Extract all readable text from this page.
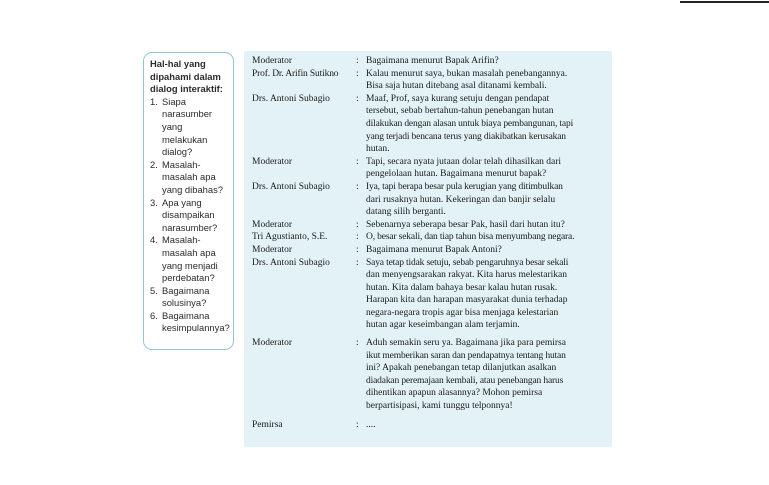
Hal-hal yang
dipahami dalam
dialog interaktif:
1. Siapa
narasumber
yang
melakukan
dialog?
2. Masalah-
masalah apa
yang dibahas?
3. Apa yang
disampaikan
narasumber?
4. Masalah-
masalah apa
yang menjadi
perdebatan?
5. Bagaimana
solusinya?
6. Bagaimana
kesimpulannya?
Moderator	: Bagaimana menurut Bapak Arifin?
Prof. Dr. Arifin Sutikno	: Kalau menurut saya, bukan masalah penebangannya.
Bisa saja hutan ditebang asal ditanami kembali.
Drs. Antoni Subagio	: Maaf, Prof, saya kurang setuju dengan pendapat
tersebut, sebab bertahun-tahun penebangan hutan
dilakukan dengan alasan untuk biaya pembangunan, tapi
yang terjadi bencana terus yang diakibatkan kerusakan
hutan.
Moderator	: Tapi, secara nyata jutaan dolar telah dihasilkan dari
pengelolaan hutan. Bagaimana menurut bapak?
Drs. Antoni Subagio	: Iya, tapi berapa besar pula kerugian yang ditimbulkan
dari rusaknya hutan. Kekeringan dan banjir selalu
datang silih berganti.
Moderator	: Sebenarnya seberapa besar Pak, hasil dari hutan itu?
Tri Agustianto, S.E.	: O, besar sekali, dan tiap tahun bisa menyumbang negara.
Moderator	: Bagaimana menurut Bapak Antoni?
Drs. Antoni Subagio	: Saya tetap tidak setuju, sebab pengaruhnya besar sekali
dan menyengsarakan rakyat. Kita harus melestarikan
hutan. Kita dalam bahaya besar kalau hutan rusak.
Harapan kita dan harapan masyarakat dunia terhadap
negara-negara tropis agar bisa menjaga kelestarian
hutan agar keseimbangan alam terjamin.
Moderator	: Aduh semakin seru ya. Bagaimana jika para pemirsa
ikut memberikan saran dan pendapatnya tentang hutan
ini? Apakah penebangan tetap dilanjutkan asalkan
diadakan peremajaan kembali, atau penebangan harus
dihentikan apapun alasannya? Mohon pemirsa
berpartisipasi, kami tunggu telponnya!
Pemirsa	: ....
